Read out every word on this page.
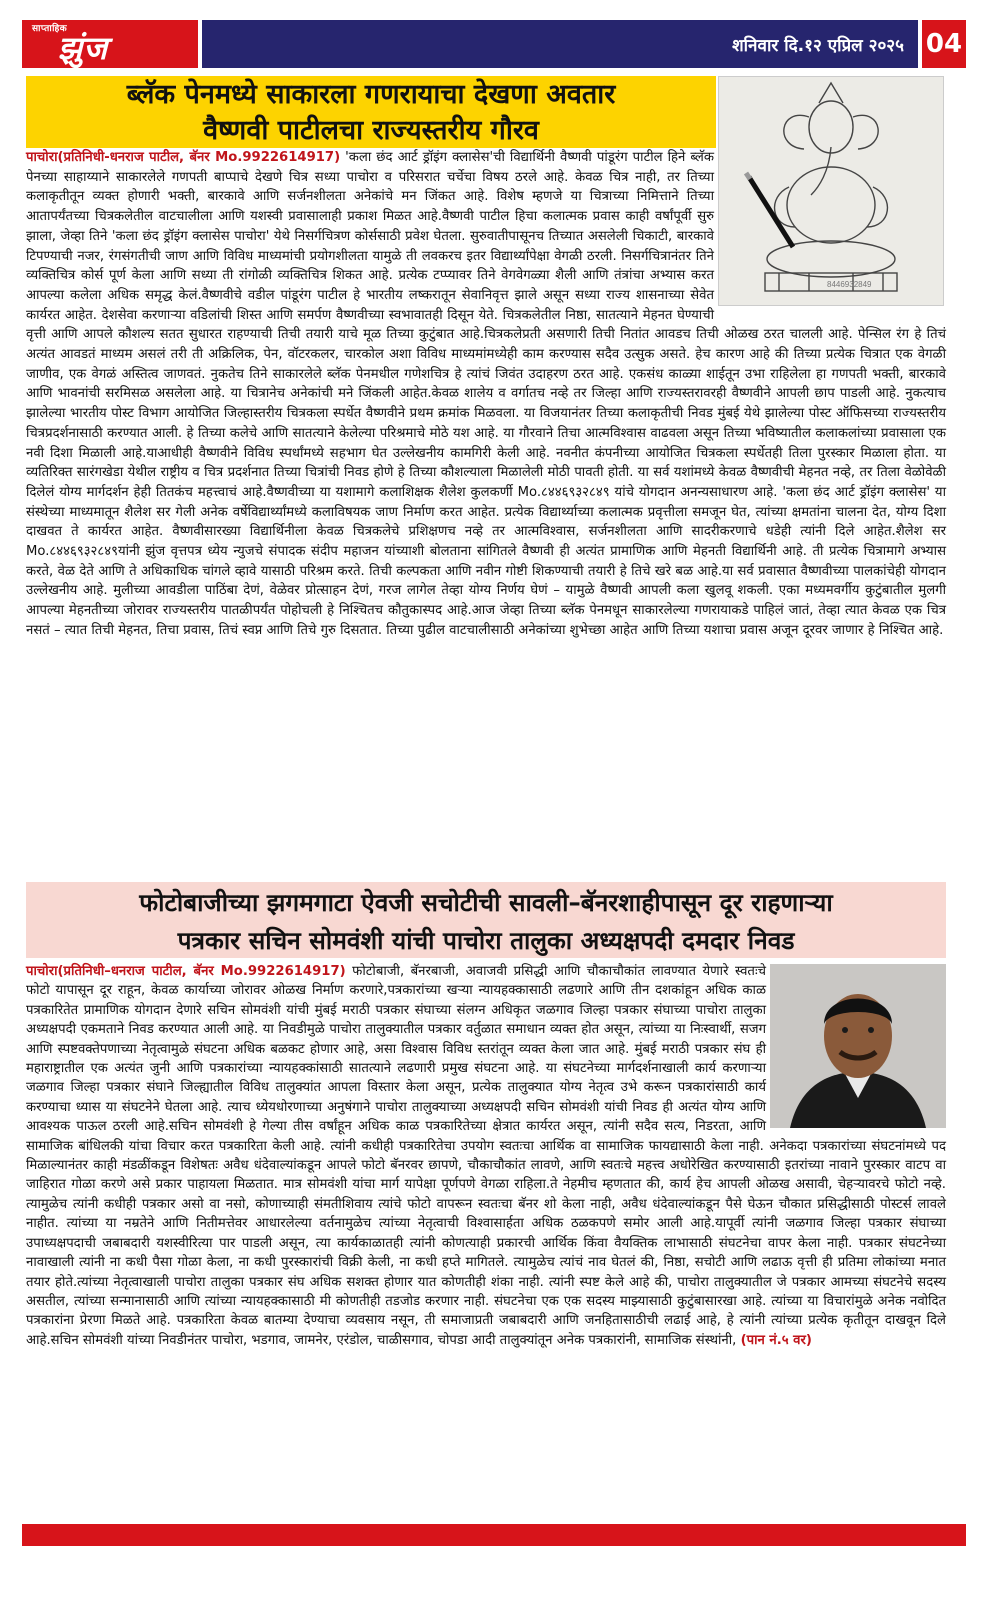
साप्ताहिक
झुंज	शनिवार दि.१२ एप्रिल २०२५ 04
ब्लॅक पेनमध्ये साकारला गणरायाचा देखणा अवतार
वैष्णवी पाटीलचा राज्यस्तरीय गौरव
8446932849
पाचोरा(प्रतिनिधी-धनराज पाटील, बॅनर Mo.9922614917) 'कला छंद आर्ट ड्रॉइंग क्लासेस'ची विद्यार्थिनी वैष्णवी पांडूरंग पाटील हिने ब्लॅक पेनच्या साहाय्याने साकारलेले गणपती बाप्पाचे देखणे चित्र सध्या पाचोरा व परिसरात चर्चेचा विषय ठरले आहे. केवळ चित्र नाही, तर तिच्या कलाकृतीतून व्यक्त होणारी भक्ती, बारकावे आणि सर्जनशीलता अनेकांचे मन जिंकत आहे. विशेष म्हणजे या चित्राच्या निमित्ताने तिच्या आतापर्यंतच्या चित्रकलेतील वाटचालीला आणि यशस्वी प्रवासालाही प्रकाश मिळत आहे.वैष्णवी पाटील हिचा कलात्मक प्रवास काही वर्षांपूर्वी सुरु झाला, जेव्हा तिने 'कला छंद ड्रॉइंग क्लासेस पाचोरा' येथे निसर्गचित्रण कोर्ससाठी प्रवेश घेतला. सुरुवातीपासूनच तिच्यात असलेली चिकाटी, बारकावे टिपण्याची नजर, रंगसंगतीची जाण आणि विविध माध्यमांची प्रयोगशीलता यामुळे ती लवकरच इतर विद्यार्थ्यांपेक्षा वेगळी ठरली. निसर्गचित्रानंतर तिने व्यक्तिचित्र कोर्स पूर्ण केला आणि सध्या ती रांगोळी व्यक्तिचित्र शिकत आहे. प्रत्येक टप्प्यावर तिने वेगवेगळ्या शैली आणि तंत्रांचा अभ्यास करत आपल्या कलेला अधिक समृद्ध केलं.वैष्णवीचे वडील पांडूरंग पाटील हे भारतीय लष्करातून सेवानिवृत्त झाले असून सध्या राज्य शासनाच्या सेवेत कार्यरत आहेत. देशसेवा करणाऱ्या वडिलांची शिस्त आणि समर्पण वैष्णवीच्या स्वभावातही दिसून येते. चित्रकलेतील निष्ठा, सातत्याने मेहनत घेण्याची वृत्ती आणि आपले कौशल्य सतत सुधारत राहण्याची तिची तयारी याचे मूळ तिच्या कुटुंबात आहे.चित्रकलेप्रती असणारी तिची नितांत आवडच तिची ओळख ठरत चालली आहे. पेन्सिल रंग हे तिचं अत्यंत आवडतं माध्यम असलं तरी ती अक्रिलिक, पेन, वॉटरकलर, चारकोल अशा विविध माध्यमांमध्येही काम करण्यास सदैव उत्सुक असते. हेच कारण आहे की तिच्या प्रत्येक चित्रात एक वेगळी जाणीव, एक वेगळं अस्तित्व जाणवतं. नुकतेच तिने साकारलेले ब्लॅक पेनमधील गणेशचित्र हे त्यांचं जिवंत उदाहरण ठरत आहे. एकसंध काळ्या शाईतून उभा राहिलेला हा गणपती भक्ती, बारकावे आणि भावनांची सरमिसळ असलेला आहे. या चित्रानेच अनेकांची मने जिंकली आहेत.केवळ शालेय व वर्गातच नव्हे तर जिल्हा आणि राज्यस्तरावरही वैष्णवीने आपली छाप पाडली आहे. नुकत्याच झालेल्या भारतीय पोस्ट विभाग आयोजित जिल्हास्तरीय चित्रकला स्पर्धेत वैष्णवीने प्रथम क्रमांक मिळवला. या विजयानंतर तिच्या कलाकृतीची निवड मुंबई येथे झालेल्या पोस्ट ऑफिसच्या राज्यस्तरीय चित्रप्रदर्शनासाठी करण्यात आली. हे तिच्या कलेचे आणि सातत्याने केलेल्या परिश्रमाचे मोठे यश आहे. या गौरवाने तिचा आत्मविश्वास वाढवला असून तिच्या भविष्यातील कलाकलांच्या प्रवासाला एक नवी दिशा मिळाली आहे.याआधीही वैष्णवीने विविध स्पर्धांमध्ये सहभाग घेत उल्लेखनीय कामगिरी केली आहे. नवनीत कंपनीच्या आयोजित चित्रकला स्पर्धेतही तिला पुरस्कार मिळाला होता. या व्यतिरिक्त सारंगखेडा येथील राष्ट्रीय व चित्र प्रदर्शनात तिच्या चित्रांची निवड होणे हे तिच्या कौशल्याला मिळालेली मोठी पावती होती. या सर्व यशांमध्ये केवळ वैष्णवीची मेहनत नव्हे, तर तिला वेळोवेळी दिलेलं योग्य मार्गदर्शन हेही तितकंच महत्त्वाचं आहे.वैष्णवीच्या या यशामागे कलाशिक्षक शैलेश कुलकर्णी Mo.८४४६९३२८४९ यांचे योगदान अनन्यसाधारण आहे. 'कला छंद आर्ट ड्रॉइंग क्लासेस' या संस्थेच्या माध्यमातून शैलेश सर गेली अनेक वर्षेविद्यार्थ्यांमध्ये कलाविषयक जाण निर्माण करत आहेत. प्रत्येक विद्यार्थ्याच्या कलात्मक प्रवृत्तीला समजून घेत, त्यांच्या क्षमतांना चालना देत, योग्य दिशा दाखवत ते कार्यरत आहेत. वैष्णवीसारख्या विद्यार्थिनीला केवळ चित्रकलेचे प्रशिक्षणच नव्हे तर आत्मविश्वास, सर्जनशीलता आणि सादरीकरणाचे धडेही त्यांनी दिले आहेत.शैलेश सर Mo.८४४६९३२८४९यांनी झुंज वृत्तपत्र ध्येय न्युजचे संपादक संदीप महाजन यांच्याशी बोलताना सांगितले वैष्णवी ही अत्यंत प्रामाणिक आणि मेहनती विद्यार्थिनी आहे. ती प्रत्येक चित्रामागे अभ्यास करते, वेळ देते आणि ते अधिकाधिक चांगले व्हावे यासाठी परिश्रम करते. तिची कल्पकता आणि नवीन गोष्टी शिकण्याची तयारी हे तिचे खरे बळ आहे.या सर्व प्रवासात वैष्णवीच्या पालकांचेही योगदान उल्लेखनीय आहे. मुलीच्या आवडीला पाठिंबा देणं, वेळेवर प्रोत्साहन देणं, गरज लागेल तेव्हा योग्य निर्णय घेणं – यामुळे वैष्णवी आपली कला खुलवू शकली. एका मध्यमवर्गीय कुटुंबातील मुलगी आपल्या मेहनतीच्या जोरावर राज्यस्तरीय पातळीपर्यंत पोहोचली हे निश्चितच कौतुकास्पद आहे.आज जेव्हा तिच्या ब्लॅक पेनमधून साकारलेल्या गणरायाकडे पाहिलं जातं, तेव्हा त्यात केवळ एक चित्र नसतं – त्यात तिची मेहनत, तिचा प्रवास, तिचं स्वप्न आणि तिचे गुरु दिसतात. तिच्या पुढील वाटचालीसाठी अनेकांच्या शुभेच्छा आहेत आणि तिच्या यशाचा प्रवास अजून दूरवर जाणार हे निश्चित आहे.
फोटोबाजीच्या झगमगाटा ऐवजी सचोटीची सावली–बॅनरशाहीपासून दूर राहणाऱ्या
पत्रकार सचिन सोमवंशी यांची पाचोरा तालुका अध्यक्षपदी दमदार निवड
पाचोरा(प्रतिनिधी–धनराज पाटील, बॅनर Mo.9922614917) फोटोबाजी, बॅनरबाजी, अवाजवी प्रसिद्धी आणि चौकाचौकांत लावण्यात येणारे स्वतःचे फोटो यापासून दूर राहून, केवळ कार्याच्या जोरावर ओळख निर्माण करणारे,पत्रकारांच्या खऱ्या न्यायहक्कासाठी लढणारे आणि तीन दशकांहून अधिक काळ पत्रकारितेत प्रामाणिक योगदान देणारे सचिन सोमवंशी यांची मुंबई मराठी पत्रकार संघाच्या संलग्न अधिकृत जळगाव जिल्हा पत्रकार संघाच्या पाचोरा तालुका अध्यक्षपदी एकमताने निवड करण्यात आली आहे. या निवडीमुळे पाचोरा तालुक्यातील पत्रकार वर्तुळात समाधान व्यक्त होत असून, त्यांच्या या निःस्वार्थी, सजग आणि स्पष्टवक्तेपणाच्या नेतृत्वामुळे संघटना अधिक बळकट होणार आहे, असा विश्वास विविध स्तरांतून व्यक्त केला जात आहे. मुंबई मराठी पत्रकार संघ ही महाराष्ट्रातील एक अत्यंत जुनी आणि पत्रकारांच्या न्यायहक्कांसाठी सातत्याने लढणारी प्रमुख संघटना आहे. या संघटनेच्या मार्गदर्शनाखाली कार्य करणाऱ्या जळगाव जिल्हा पत्रकार संघाने जिल्ह्यातील विविध तालुक्यांत आपला विस्तार केला असून, प्रत्येक तालुक्यात योग्य नेतृत्व उभे करून पत्रकारांसाठी कार्य करण्याचा ध्यास या संघटनेने घेतला आहे. त्याच ध्येयधोरणाच्या अनुषंगाने पाचोरा तालुक्याच्या अध्यक्षपदी सचिन सोमवंशी यांची निवड ही अत्यंत योग्य आणि आवश्यक पाऊल ठरली आहे.सचिन सोमवंशी हे गेल्या तीस वर्षांहून अधिक काळ पत्रकारितेच्या क्षेत्रात कार्यरत असून, त्यांनी सदैव सत्य, निडरता, आणि सामाजिक बांधिलकी यांचा विचार करत पत्रकारिता केली आहे. त्यांनी कधीही पत्रकारितेचा उपयोग स्वतःचा आर्थिक वा सामाजिक फायद्यासाठी केला नाही. अनेकदा पत्रकारांच्या संघटनांमध्ये पद मिळाल्यानंतर काही मंडळींकडून विशेषतः अवैध धंदेवाल्यांकडून आपले फोटो बॅनरवर छापणे, चौकाचौकांत लावणे, आणि स्वतःचे महत्त्व अधोरेखित करण्यासाठी इतरांच्या नावाने पुरस्कार वाटप वा जाहिरात गोळा करणे असे प्रकार पाहायला मिळतात. मात्र सोमवंशी यांचा मार्ग यापेक्षा पूर्णपणे वेगळा राहिला.ते नेहमीच म्हणतात की, कार्य हेच आपली ओळख असावी, चेहऱ्यावरचे फोटो नव्हे. त्यामुळेच त्यांनी कधीही पत्रकार असो वा नसो, कोणाच्याही संमतीशिवाय त्यांचे फोटो वापरून स्वतःचा बॅनर शो केला नाही, अवैध धंदेवाल्यांकडून पैसे घेऊन चौकात प्रसिद्धीसाठी पोस्टर्स लावले नाहीत. त्यांच्या या नम्रतेने आणि नितीमत्तेवर आधारलेल्या वर्तनामुळेच त्यांच्या नेतृत्वाची विश्वासार्हता अधिक ठळकपणे समोर आली आहे.यापूर्वी त्यांनी जळगाव जिल्हा पत्रकार संघाच्या उपाध्यक्षपदाची जबाबदारी यशस्वीरित्या पार पाडली असून, त्या कार्यकाळातही त्यांनी कोणत्याही प्रकारची आर्थिक किंवा वैयक्तिक लाभासाठी संघटनेचा वापर केला नाही. पत्रकार संघटनेच्या नावाखाली त्यांनी ना कधी पैसा गोळा केला, ना कधी पुरस्कारांची विक्री केली, ना कधी हप्ते मागितले. त्यामुळेच त्यांचं नाव घेतलं की, निष्ठा, सचोटी आणि लढाऊ वृत्ती ही प्रतिमा लोकांच्या मनात तयार होते.त्यांच्या नेतृत्वाखाली पाचोरा तालुका पत्रकार संघ अधिक सशक्त होणार यात कोणतीही शंका नाही. त्यांनी स्पष्ट केले आहे की, पाचोरा तालुक्यातील जे पत्रकार आमच्या संघटनेचे सदस्य असतील, त्यांच्या सन्मानासाठी आणि त्यांच्या न्यायहक्कासाठी मी कोणतीही तडजोड करणार नाही. संघटनेचा एक एक सदस्य माझ्यासाठी कुटुंबासारखा आहे. त्यांच्या या विचारांमुळे अनेक नवोदित पत्रकारांना प्रेरणा मिळते आहे. पत्रकारिता केवळ बातम्या देण्याचा व्यवसाय नसून, ती समाजाप्रती जबाबदारी आणि जनहितासाठीची लढाई आहे, हे त्यांनी त्यांच्या प्रत्येक कृतीतून दाखवून दिले आहे.सचिन सोमवंशी यांच्या निवडीनंतर पाचोरा, भडगाव, जामनेर, एरंडोल, चाळीसगाव, चोपडा आदी तालुक्यांतून अनेक पत्रकारांनी, सामाजिक संस्थांनी, (पान नं.५ वर)
